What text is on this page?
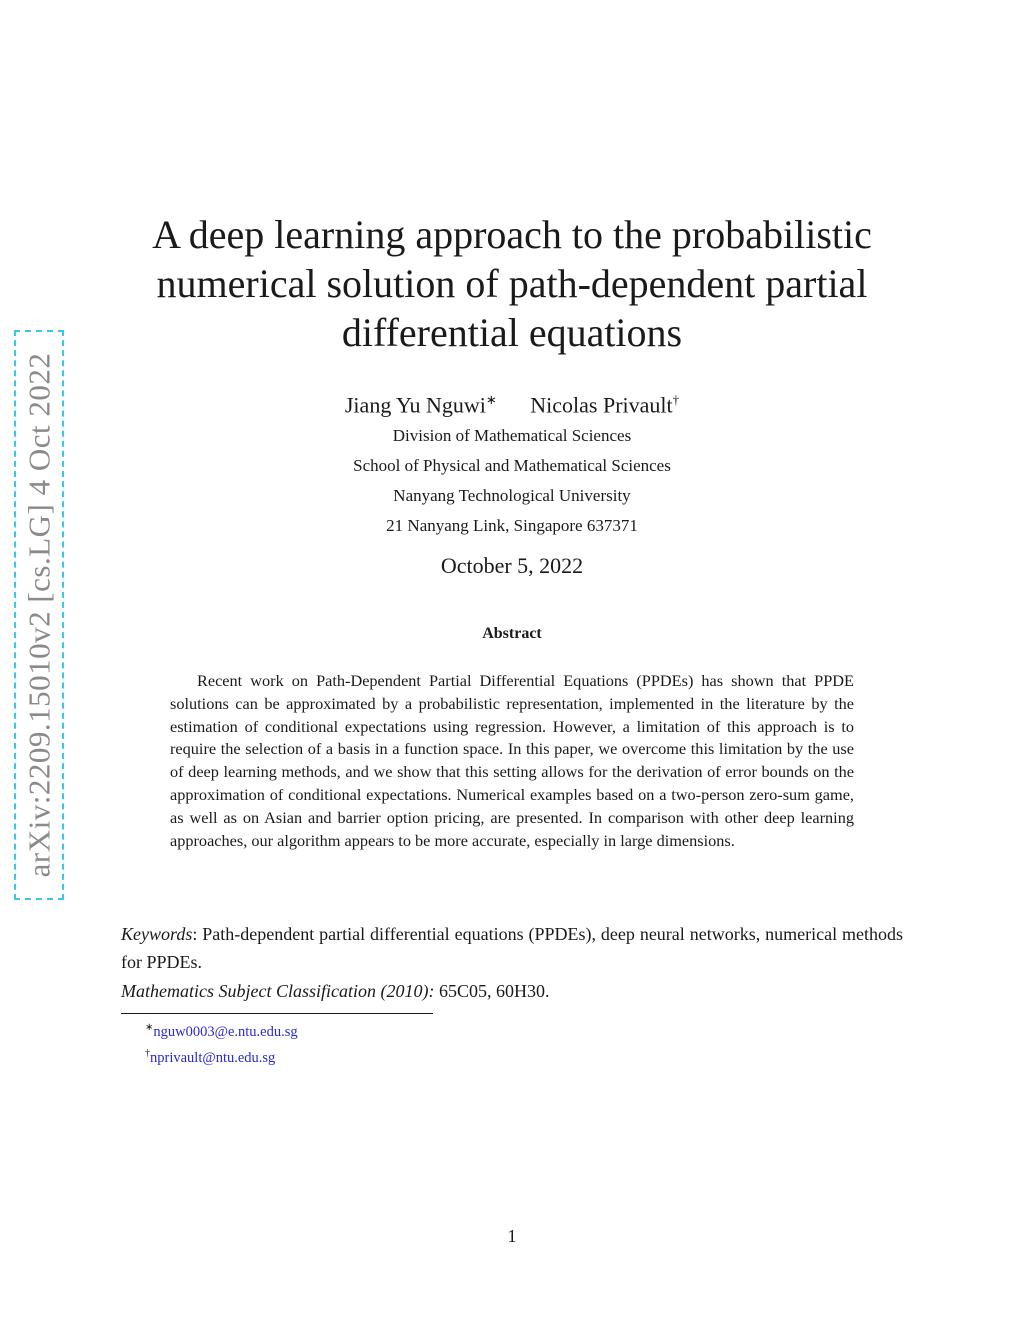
arXiv:2209.15010v2 [cs.LG] 4 Oct 2022
A deep learning approach to the probabilistic
numerical solution of path-dependent partial
differential equations
Jiang Yu Nguwi∗ Nicolas Privault†
Division of Mathematical Sciences
School of Physical and Mathematical Sciences
Nanyang Technological University
21 Nanyang Link, Singapore 637371
October 5, 2022
Abstract

Recent work on Path-Dependent Partial Differential Equations (PPDEs) has shown that PPDE solutions can be approximated by a probabilistic representation, implemented in the literature by the estimation of conditional expectations using regression. However, a limitation of this approach is to require the selection of a basis in a function space. In this paper, we overcome this limitation by the use of deep learning methods, and we show that this setting allows for the derivation of error bounds on the approximation of conditional expectations. Numerical examples based on a two-person zero-sum game, as well as on Asian and barrier option pricing, are presented. In comparison with other deep learning approaches, our algorithm appears to be more accurate, especially in large dimensions.

Keywords: Path-dependent partial differential equations (PPDEs), deep neural networks, numerical methods for PPDEs.

Mathematics Subject Classification (2010): 65C05, 60H30.

∗nguw0003@e.ntu.edu.sg
†nprivault@ntu.edu.sg
1
